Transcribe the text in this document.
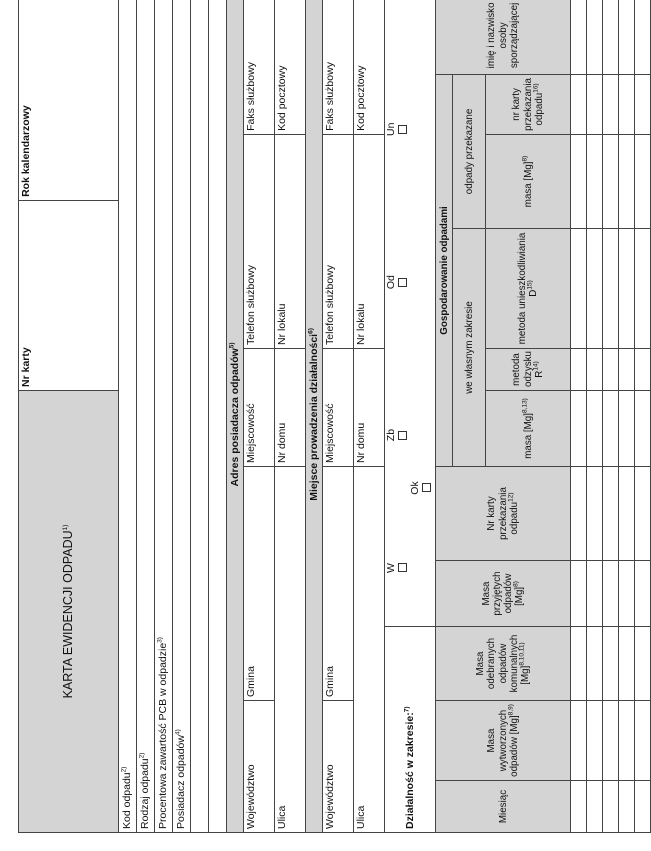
KARTA EWIDENCJI ODPADU$^{1)}$						Nr karty			Rok kalendarzowy		
Kod odpadu$^{2)}$
Rodzaj odpadu$^{2)}$
Procentowa zawartość PCB w odpadzie$^{3)}$
Posiadacz odpadów$^{4)}$

Adres posiadacza odpadów$^{5)}$
Województwo		Gmina			Miejscowość		Telefon służbowy			Faks służbowy	
Ulica					Nr domu		Nr lokalu			Kod pocztowy	
Miejsce prowadzenia działalności$^{6)}$
Województwo		Gmina			Miejscowość		Telefon służbowy			Faks służbowy	
Ulica					Nr domu		Nr lokalu			Kod pocztowy	
Działalność w zakresie:$^{7)}$			W
Zb
Od
Un
Ok								

Miesiąc	Masa wytworzonych odpadów $[Mg]^{8,9)}$	Masa odebranych odpadów komunalnych $[Mg]^{8,10,11)}$	Masa przyjętych odpadów $[Mg]^{8)}$	Nr karty przekazania odpadu$^{12)}$	Gospodarowanie odpadami						imię i nazwisko osoby sporządzającej
					we własnym zakresie			odpady przekazane			
					masa $[Mg]^{8,13)}$	metoda odzysku $R^{14)}$	metoda unieszkodliwiania $D^{15)}$	masa $[Mg]^{8)}$		nr karty przekazania odpadu$^{16)}$
